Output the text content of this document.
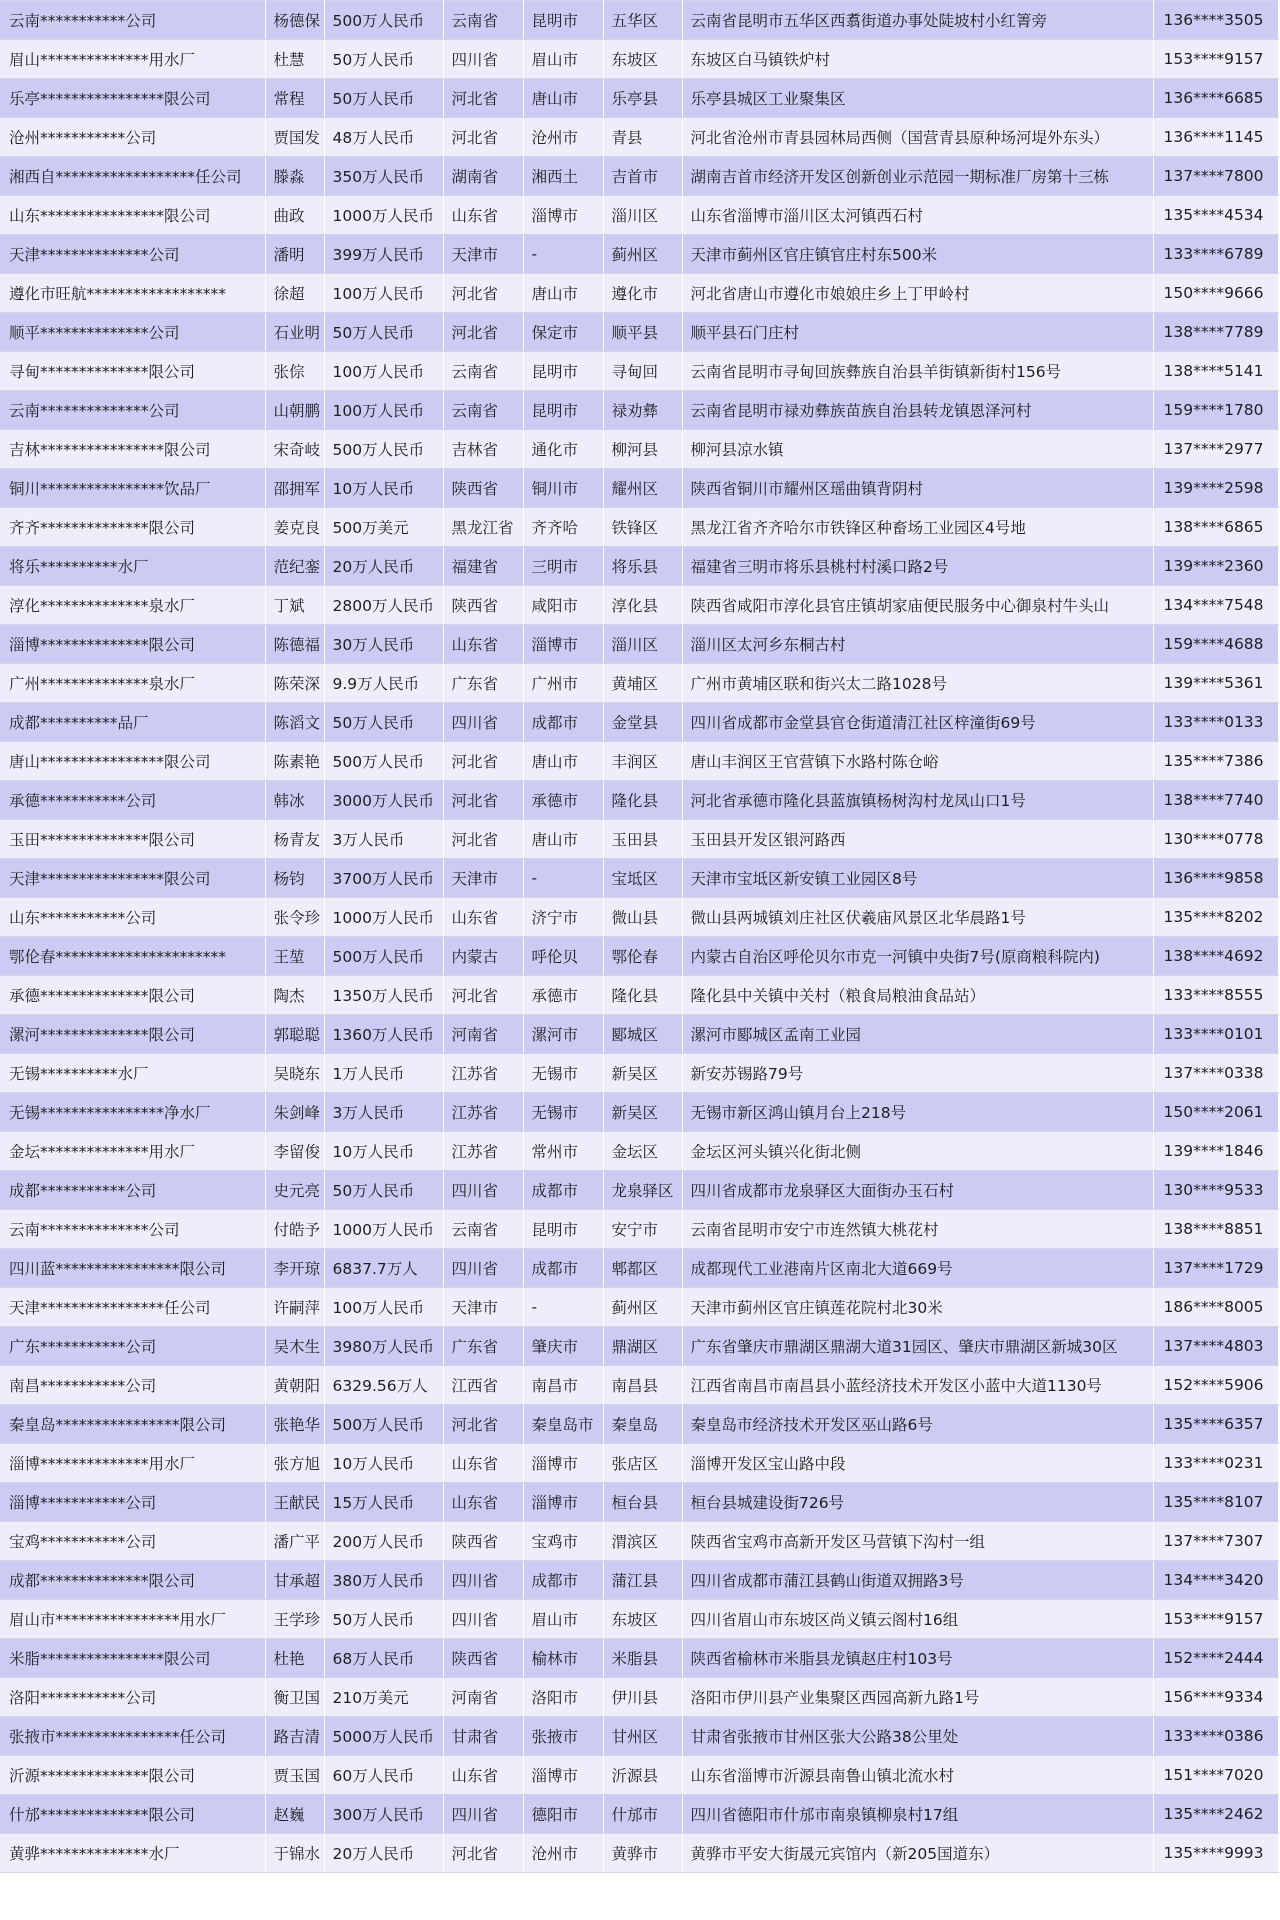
云南***********公司	杨德保	500万人民币	云南省	昆明市	五华区	云南省昆明市五华区西翥街道办事处陡坡村小红箐旁	136****3505
眉山**************用水厂	杜慧	50万人民币	四川省	眉山市	东坡区	东坡区白马镇铁炉村	153****9157
乐亭****************限公司	常程	50万人民币	河北省	唐山市	乐亭县	乐亭县城区工业聚集区	136****6685
沧州***********公司	贾国发	48万人民币	河北省	沧州市	青县	河北省沧州市青县园林局西侧（国营青县原种场河堤外东头）	136****1145
湘西自******************任公司	滕淼	350万人民币	湖南省	湘西土	吉首市	湖南吉首市经济开发区创新创业示范园一期标准厂房第十三栋	137****7800
山东****************限公司	曲政	1000万人民币	山东省	淄博市	淄川区	山东省淄博市淄川区太河镇西石村	135****4534
天津**************公司	潘明	399万人民币	天津市	-	蓟州区	天津市蓟州区官庄镇官庄村东500米	133****6789
遵化市旺航******************	徐超	100万人民币	河北省	唐山市	遵化市	河北省唐山市遵化市娘娘庄乡上丁甲岭村	150****9666
顺平**************公司	石业明	50万人民币	河北省	保定市	顺平县	顺平县石门庄村	138****7789
寻甸**************限公司	张倧	100万人民币	云南省	昆明市	寻甸回	云南省昆明市寻甸回族彝族自治县羊街镇新街村156号	138****5141
云南**************公司	山朝鹏	100万人民币	云南省	昆明市	禄劝彝	云南省昆明市禄劝彝族苗族自治县转龙镇恩泽河村	159****1780
吉林****************限公司	宋奇岐	500万人民币	吉林省	通化市	柳河县	柳河县凉水镇	137****2977
铜川****************饮品厂	邵拥军	10万人民币	陕西省	铜川市	耀州区	陕西省铜川市耀州区瑶曲镇背阴村	139****2598
齐齐**************限公司	姜克良	500万美元	黑龙江省	齐齐哈	铁锋区	黑龙江省齐齐哈尔市铁锋区种畜场工业园区4号地	138****6865
将乐**********水厂	范纪銮	20万人民币	福建省	三明市	将乐县	福建省三明市将乐县桃村村溪口路2号	139****2360
淳化**************泉水厂	丁斌	2800万人民币	陕西省	咸阳市	淳化县	陕西省咸阳市淳化县官庄镇胡家庙便民服务中心御泉村牛头山	134****7548
淄博**************限公司	陈德福	30万人民币	山东省	淄博市	淄川区	淄川区太河乡东桐古村	159****4688
广州**************泉水厂	陈荣深	9.9万人民币	广东省	广州市	黄埔区	广州市黄埔区联和街兴太二路1028号	139****5361
成都**********品厂	陈滔文	50万人民币	四川省	成都市	金堂县	四川省成都市金堂县官仓街道清江社区梓潼街69号	133****0133
唐山****************限公司	陈素艳	500万人民币	河北省	唐山市	丰润区	唐山丰润区王官营镇下水路村陈仓峪	135****7386
承德***********公司	韩冰	3000万人民币	河北省	承德市	隆化县	河北省承德市隆化县蓝旗镇杨树沟村龙凤山口1号	138****7740
玉田**************限公司	杨青友	3万人民币	河北省	唐山市	玉田县	玉田县开发区银河路西	130****0778
天津****************限公司	杨钧	3700万人民币	天津市	-	宝坻区	天津市宝坻区新安镇工业园区8号	136****9858
山东***********公司	张令珍	1000万人民币	山东省	济宁市	微山县	微山县两城镇刘庄社区伏羲庙风景区北华晨路1号	135****8202
鄂伦春**********************	王堃	500万人民币	内蒙古	呼伦贝	鄂伦春	内蒙古自治区呼伦贝尔市克一河镇中央街7号(原商粮科院内)	138****4692
承德**************限公司	陶杰	1350万人民币	河北省	承德市	隆化县	隆化县中关镇中关村（粮食局粮油食品站）	133****8555
漯河**************限公司	郭聪聪	1360万人民币	河南省	漯河市	郾城区	漯河市郾城区孟南工业园	133****0101
无锡**********水厂	吴晓东	1万人民币	江苏省	无锡市	新吴区	新安苏锡路79号	137****0338
无锡****************净水厂	朱剑峰	3万人民币	江苏省	无锡市	新吴区	无锡市新区鸿山镇月台上218号	150****2061
金坛**************用水厂	李留俊	10万人民币	江苏省	常州市	金坛区	金坛区河头镇兴化街北侧	139****1846
成都***********公司	史元亮	50万人民币	四川省	成都市	龙泉驿区	四川省成都市龙泉驿区大面街办玉石村	130****9533
云南**************公司	付皓予	1000万人民币	云南省	昆明市	安宁市	云南省昆明市安宁市连然镇大桃花村	138****8851
四川蓝****************限公司	李开琼	6837.7万人	四川省	成都市	郫都区	成都现代工业港南片区南北大道669号	137****1729
天津****************任公司	许嗣萍	100万人民币	天津市	-	蓟州区	天津市蓟州区官庄镇莲花院村北30米	186****8005
广东***********公司	吴木生	3980万人民币	广东省	肇庆市	鼎湖区	广东省肇庆市鼎湖区鼎湖大道31园区、肇庆市鼎湖区新城30区	137****4803
南昌***********公司	黄朝阳	6329.56万人	江西省	南昌市	南昌县	江西省南昌市南昌县小蓝经济技术开发区小蓝中大道1130号	152****5906
秦皇岛****************限公司	张艳华	500万人民币	河北省	秦皇岛市	秦皇岛	秦皇岛市经济技术开发区巫山路6号	135****6357
淄博**************用水厂	张方旭	10万人民币	山东省	淄博市	张店区	淄博开发区宝山路中段	133****0231
淄博***********公司	王献民	15万人民币	山东省	淄博市	桓台县	桓台县城建设街726号	135****8107
宝鸡***********公司	潘广平	200万人民币	陕西省	宝鸡市	渭滨区	陕西省宝鸡市高新开发区马营镇下沟村一组	137****7307
成都**************限公司	甘承超	380万人民币	四川省	成都市	蒲江县	四川省成都市蒲江县鹤山街道双拥路3号	134****3420
眉山市****************用水厂	王学珍	50万人民币	四川省	眉山市	东坡区	四川省眉山市东坡区尚义镇云阁村16组	153****9157
米脂****************限公司	杜艳	68万人民币	陕西省	榆林市	米脂县	陕西省榆林市米脂县龙镇赵庄村103号	152****2444
洛阳***********公司	衡卫国	210万美元	河南省	洛阳市	伊川县	洛阳市伊川县产业集聚区西园高新九路1号	156****9334
张掖市****************任公司	路吉清	5000万人民币	甘肃省	张掖市	甘州区	甘肃省张掖市甘州区张大公路38公里处	133****0386
沂源**************限公司	贾玉国	60万人民币	山东省	淄博市	沂源县	山东省淄博市沂源县南鲁山镇北流水村	151****7020
什邡**************限公司	赵巍	300万人民币	四川省	德阳市	什邡市	四川省德阳市什邡市南泉镇柳泉村17组	135****2462
黄骅**************水厂	于锦水	20万人民币	河北省	沧州市	黄骅市	黄骅市平安大街晟元宾馆内（新205国道东）	135****9993
